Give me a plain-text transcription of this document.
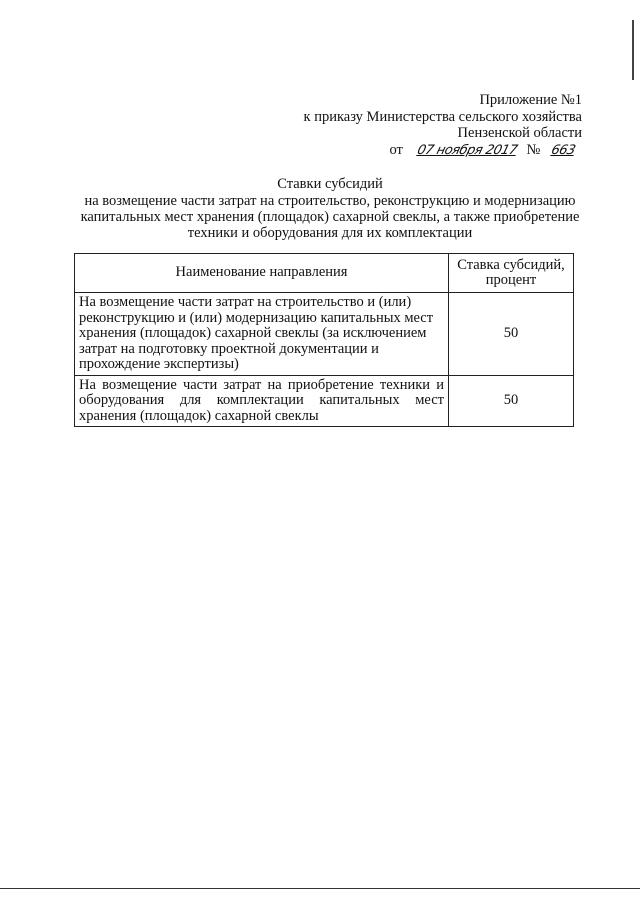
Приложение №1
к приказу Министерства сельского хозяйства
Пензенской области
от 07 ноября 2017 № 663
Ставки субсидий
на возмещение части затрат на строительство, реконструкцию и модернизацию капитальных мест хранения (площадок) сахарной свеклы, а также приобретение техники и оборудования для их комплектации
Наименование направления	Ставка субсидий, процент
На возмещение части затрат на строительство и (или) реконструкцию и (или) модернизацию капитальных мест хранения (площадок) сахарной свеклы (за исключением затрат на подготовку проектной документации и прохождение экспертизы)	50
На возмещение части затрат на приобретение техники и оборудования для комплектации капитальных мест хранения (площадок) сахарной свеклы	50
